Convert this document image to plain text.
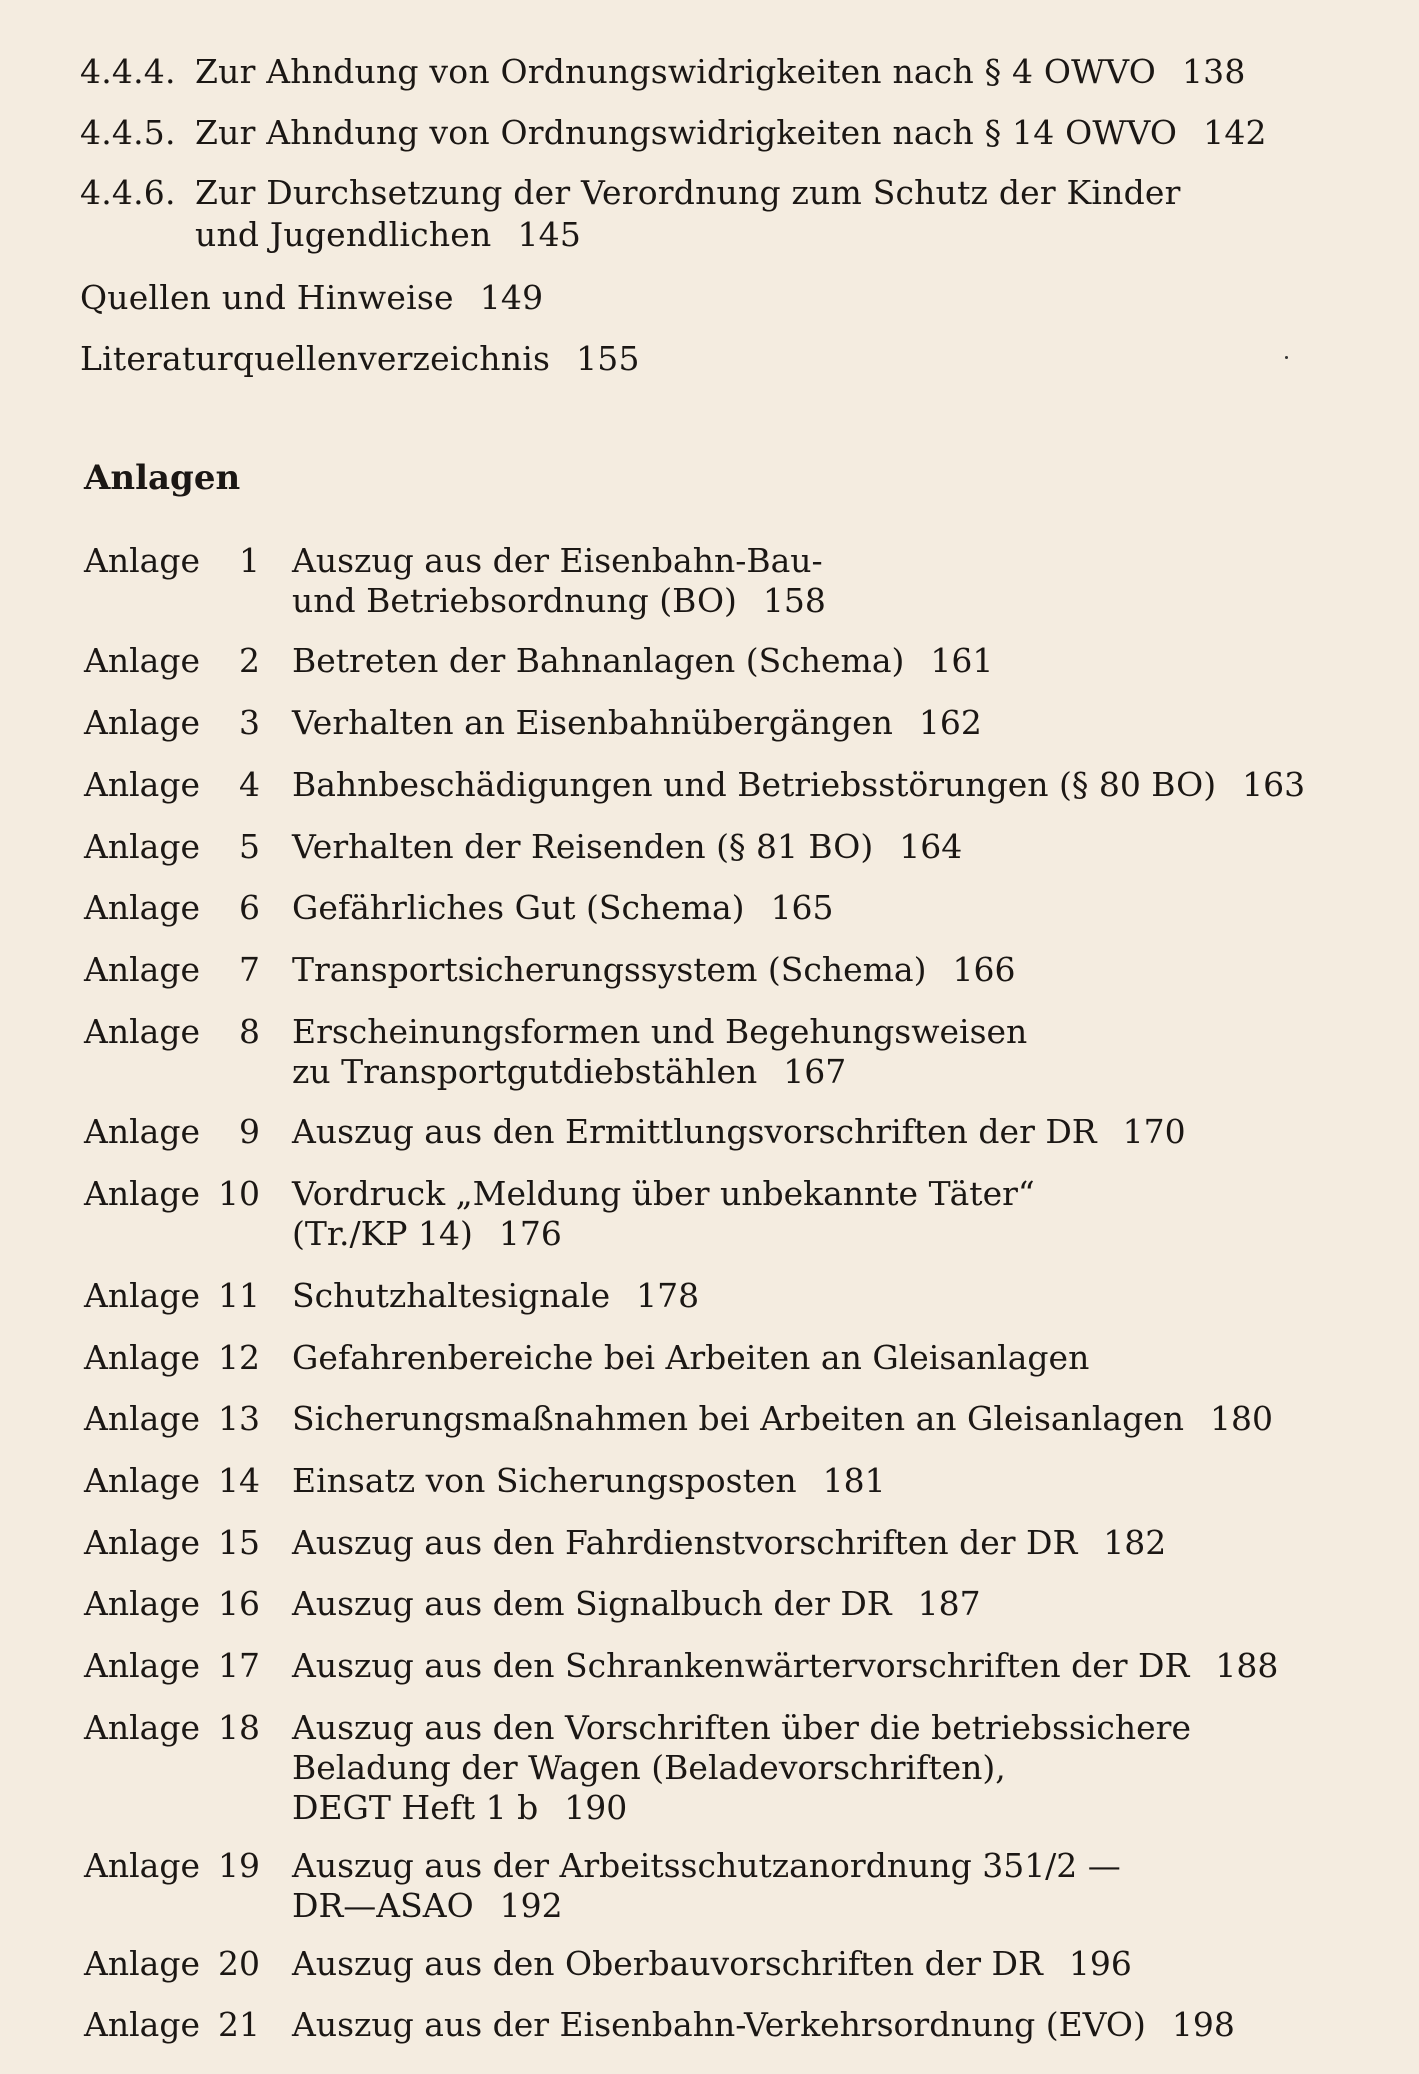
Anlagen
4.4.4. Zur Ahndung von Ordnungswidrigkeiten nach § 4 OWVO 138
4.4.5. Zur Ahndung von Ordnungswidrigkeiten nach § 14 OWVO 142
4.4.6. Zur Durchsetzung der Verordnung zum Schutz der Kinder
und Jugendlichen 145
Quellen und Hinweise 149
Literaturquellenverzeichnis 155
Anlage	1 Auszug aus der Eisenbahn-Bau-
und Betriebsordnung (BO) 158
Anlage	2 Betreten der Bahnanlagen (Schema) 161
Anlage	3 Verhalten an Eisenbahnübergängen 162
Anlage	4 Bahnbeschädigungen und Betriebsstörungen (§ 80 BO) 163
Anlage	5 Verhalten der Reisenden (§ 81 BO) 164
Anlage	6 Gefährliches Gut (Schema) 165
Anlage	7 Transportsicherungssystem (Schema) 166
Anlage	8 Erscheinungsformen und Begehungsweisen
zu Transportgutdiebstählen 167
Anlage	9 Auszug aus den Ermittlungsvorschriften der DR 170
Anlage 10 Vordruck „Meldung über unbekannte Täter“
(Tr./KP 14) 176
Anlage 11 Schutzhaltesignale 178
Anlage 12 Gefahrenbereiche bei Arbeiten an Gleisanlagen
Anlage 13 Sicherungsmaßnahmen bei Arbeiten an Gleisanlagen 180
Anlage 14 Einsatz von Sicherungsposten 181
Anlage 15 Auszug aus den Fahrdienstvorschriften der DR 182
Anlage 16 Auszug aus dem Signalbuch der DR 187
Anlage 17 Auszug aus den Schrankenwärtervorschriften der DR 188
Anlage 18 Auszug aus den Vorschriften über die betriebssichere
Beladung der Wagen (Beladevorschriften),
DEGT Heft 1 b 190
Anlage 19 Auszug aus der Arbeitsschutzanordnung 351/2 —
DR—ASAO 192
Anlage 20 Auszug aus den Oberbauvorschriften der DR 196
Anlage 21 Auszug aus der Eisenbahn-Verkehrsordnung (EVO) 198
